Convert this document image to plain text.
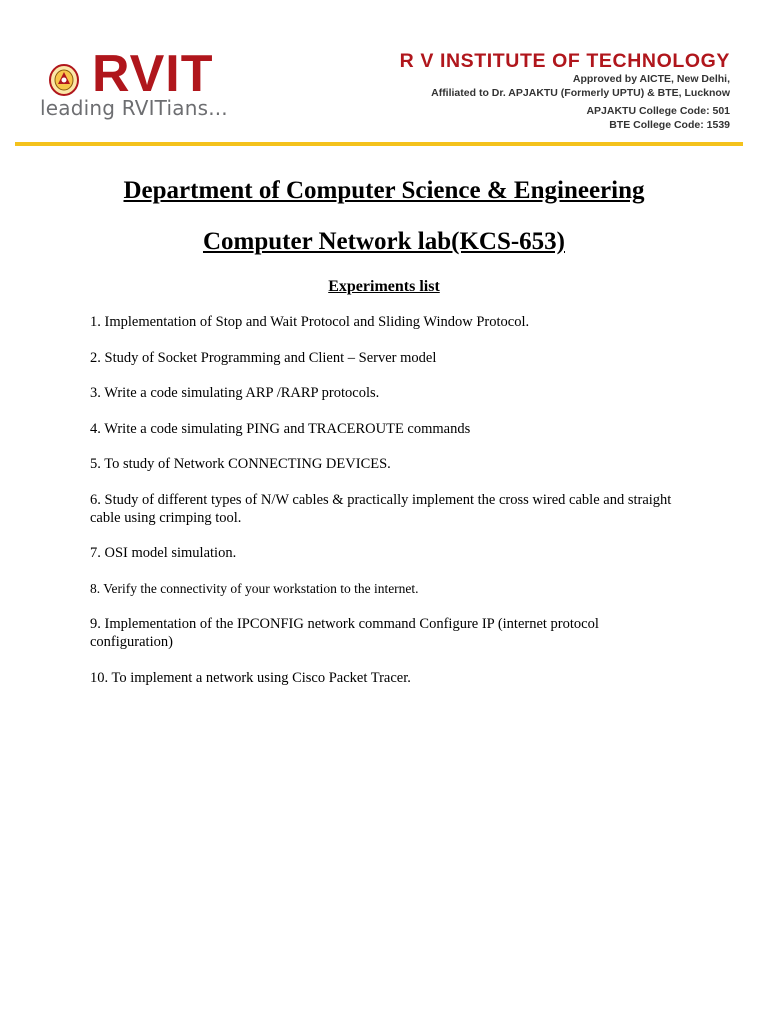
RVIT
leading RVITians...
R V INSTITUTE OF TECHNOLOGY
Approved by AICTE, New Delhi,
Affiliated to Dr. APJAKTU (Formerly UPTU) & BTE, Lucknow
APJAKTU College Code: 501
BTE College Code: 1539
Department of Computer Science & Engineering
Computer Network lab(KCS-653)
Experiments list
1. Implementation of Stop and Wait Protocol and Sliding Window Protocol.
2. Study of Socket Programming and Client – Server model
3. Write a code simulating ARP /RARP protocols.
4. Write a code simulating PING and TRACEROUTE commands
5. To study of Network CONNECTING DEVICES.
6. Study of different types of N/W cables & practically implement the cross wired cable and straight cable using crimping tool.
7. OSI model simulation.
8. Verify the connectivity of your workstation to the internet.
9. Implementation of the IPCONFIG network command Configure IP (internet protocol configuration)
10. To implement a network using Cisco Packet Tracer.
